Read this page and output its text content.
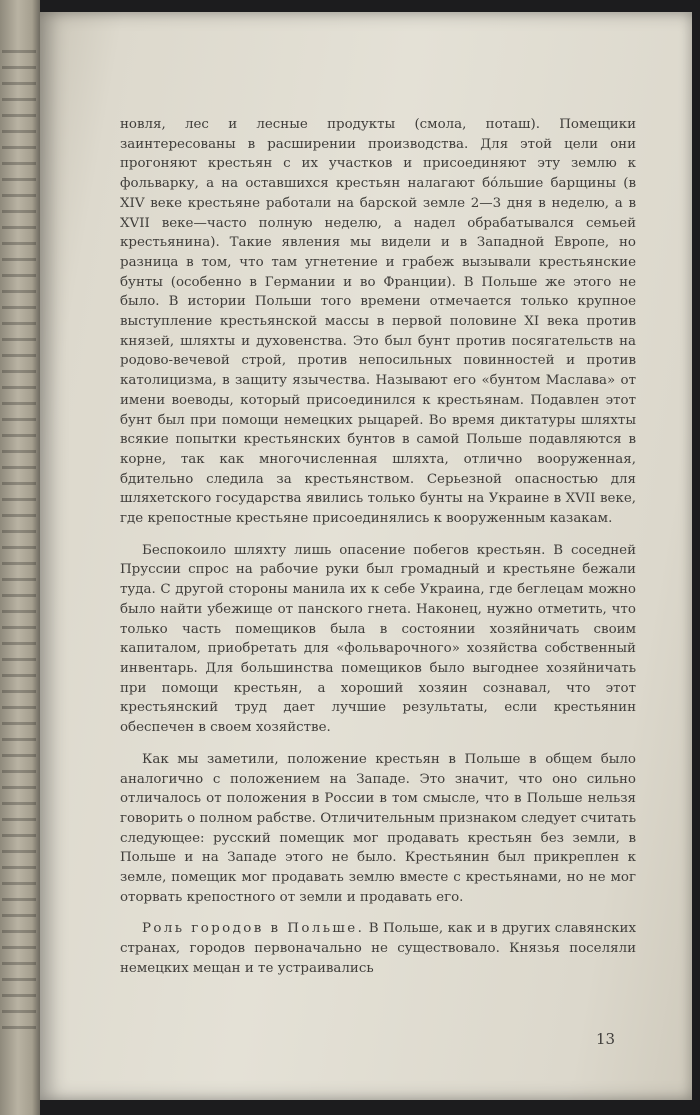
новля, лес и лесные продукты (смола, поташ). Помещики заинтересованы в расширении производства. Для этой цели они прогоняют крестьян с их участков и присоединяют эту землю к фольварку, а на оставшихся крестьян налагают бо́льшие барщины (в XIV веке крестьяне работали на барской земле 2—3 дня в неделю, а в XVII веке—часто полную неделю, а надел обрабатывался семьей крестьянина). Такие явления мы видели и в Западной Европе, но разница в том, что там угнетение и грабеж вызывали крестьянские бунты (особенно в Германии и во Франции). В Польше же этого не было. В истории Польши того времени отмечается только крупное выступление крестьянской массы в первой половине XI века против князей, шляхты и духовенства. Это был бунт против посягательств на родово-вечевой строй, против непосильных повинностей и против католицизма, в защиту язычества. Называют его «бунтом Маслава» от имени воеводы, который присоединился к крестьянам. Подавлен этот бунт был при помощи немецких рыцарей. Во время диктатуры шляхты всякие попытки крестьянских бунтов в самой Польше подавляются в корне, так как многочисленная шляхта, отлично вооруженная, бдительно следила за крестьянством. Серьезной опасностью для шляхетского государства явились только бунты на Украине в XVII веке, где крепостные крестьяне присоединялись к вооруженным казакам.

Беспокоило шляхту лишь опасение побегов крестьян. В соседней Пруссии спрос на рабочие руки был громадный и крестьяне бежали туда. С другой стороны манила их к себе Украина, где беглецам можно было найти убежище от панского гнета. Наконец, нужно отметить, что только часть помещиков была в состоянии хозяйничать своим капиталом, приобретать для «фольварочного» хозяйства собственный инвентарь. Для большинства помещиков было выгоднее хозяйничать при помощи крестьян, а хороший хозяин сознавал, что этот крестьянский труд дает лучшие результаты, если крестьянин обеспечен в своем хозяйстве.

Как мы заметили, положение крестьян в Польше в общем было аналогично с положением на Западе. Это значит, что оно сильно отличалось от положения в России в том смысле, что в Польше нельзя говорить о полном рабстве. Отличительным признаком следует считать следующее: русский помещик мог продавать крестьян без земли, в Польше и на Западе этого не было. Крестьянин был прикреплен к земле, помещик мог продавать землю вместе с крестьянами, но не мог оторвать крепостного от земли и продавать его.

Роль городов в Польше. В Польше, как и в других славянских странах, городов первоначально не существовало. Князья поселяли немецких мещан и те устраивались

13
